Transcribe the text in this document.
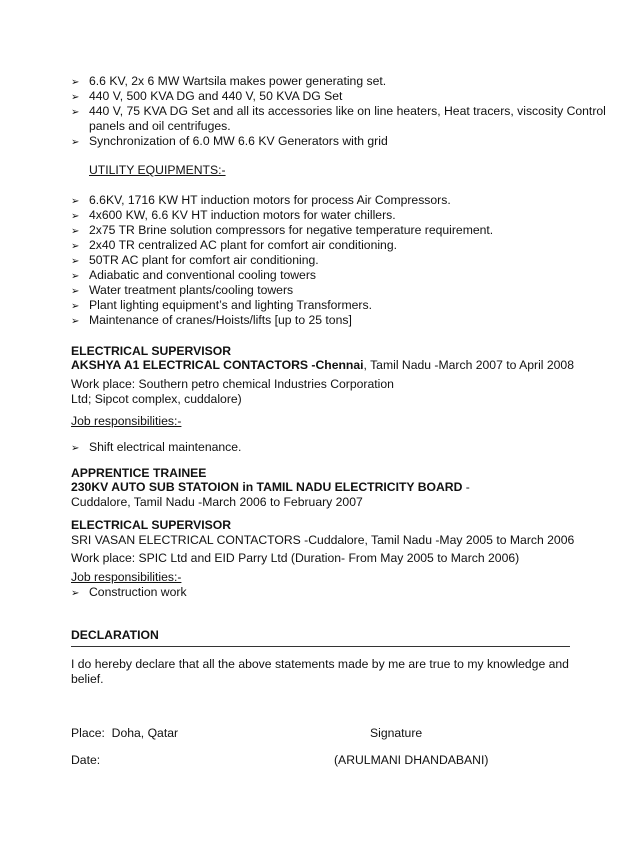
➢ 6.6 KV, 2x 6 MW Wartsila makes power generating set.
➢ 440 V, 500 KVA DG and 440 V, 50 KVA DG Set
➢ 440 V, 75 KVA DG Set and all its accessories like on line heaters, Heat tracers, viscosity Control
panels and oil centrifuges.
➢ Synchronization of 6.0 MW 6.6 KV Generators with grid
UTILITY EQUIPMENTS:-
➢ 6.6KV, 1716 KW HT induction motors for process Air Compressors.
➢ 4x600 KW, 6.6 KV HT induction motors for water chillers.
➢ 2x75 TR Brine solution compressors for negative temperature requirement.
➢ 2x40 TR centralized AC plant for comfort air conditioning.
➢ 50TR AC plant for comfort air conditioning.
➢ Adiabatic and conventional cooling towers
➢ Water treatment plants/cooling towers
➢ Plant lighting equipment’s and lighting Transformers.
➢ Maintenance of cranes/Hoists/lifts [up to 25 tons]
ELECTRICAL SUPERVISOR
AKSHYA A1 ELECTRICAL CONTACTORS -Chennai, Tamil Nadu -March 2007 to April 2008
Work place: Southern petro chemical Industries Corporation
Ltd; Sipcot complex, cuddalore)
Job responsibilities:-
➢ Shift electrical maintenance.
APPRENTICE TRAINEE
230KV AUTO SUB STATOION in TAMIL NADU ELECTRICITY BOARD -
Cuddalore, Tamil Nadu -March 2006 to February 2007
ELECTRICAL SUPERVISOR
SRI VASAN ELECTRICAL CONTACTORS -Cuddalore, Tamil Nadu -May 2005 to March 2006
Work place: SPIC Ltd and EID Parry Ltd (Duration- From May 2005 to March 2006)
Job responsibilities:-
➢ Construction work
DECLARATION
I do hereby declare that all the above statements made by me are true to my knowledge and
belief.
Place: Doha, Qatar	Signature
Date:	(ARULMANI DHANDABANI)
